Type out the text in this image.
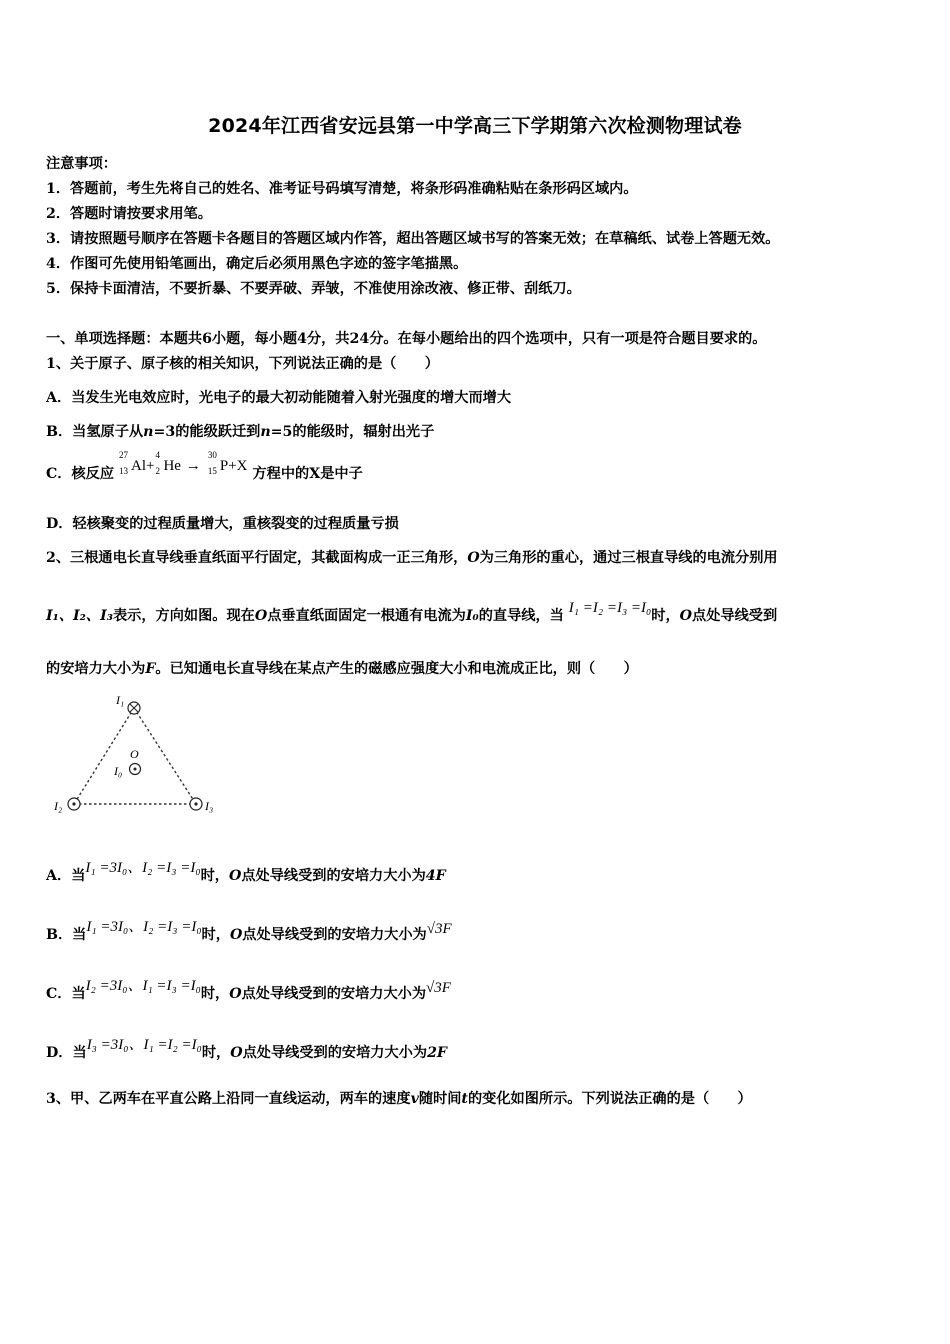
2024年江西省安远县第一中学高三下学期第六次检测物理试卷
注意事项：
1．答题前，考生先将自己的姓名、准考证号码填写清楚，将条形码准确粘贴在条形码区域内。
2．答题时请按要求用笔。
3．请按照题号顺序在答题卡各题目的答题区域内作答，超出答题区域书写的答案无效；在草稿纸、试卷上答题无效。
4．作图可先使用铅笔画出，确定后必须用黑色字迹的签字笔描黑。
5．保持卡面清洁，不要折暴、不要弄破、弄皱，不准使用涂改液、修正带、刮纸刀。
一、单项选择题：本题共6小题，每小题4分，共24分。在每小题给出的四个选项中，只有一项是符合题目要求的。
1、关于原子、原子核的相关知识，下列说法正确的是（　　）
A．当发生光电效应时，光电子的最大初动能随着入射光强度的增大而增大
B．当氢原子从n=3的能级跃迁到n=5的能级时，辐射出光子
C．核反应
27
13 Al+
4
2 He →
30
15 P+X 方程中的X是中子
D．轻核聚变的过程质量增大，重核裂变的过程质量亏损
2、三根通电长直导线垂直纸面平行固定，其截面构成一正三角形，O为三角形的重心，通过三根直导线的电流分别用
I₁、I₂、I₃表示，方向如图。现在O点垂直纸面固定一根通有电流为I₀的直导线，当 I₁ =I₂ =I₃ =I₀时，O点处导线受到
的安培力大小为F。已知通电长直导线在某点产生的磁感应强度大小和电流成正比，则（　　）
I₁
I₂	I₃
O
I₀
A．当I₁ =3I₀、I₂ =I₃ =I₀时，O点处导线受到的安培力大小为4F
B．当I₁ =3I₀、I₂ =I₃ =I₀时，O点处导线受到的安培力大小为√3F
C．当I₂ =3I₀、I₁ =I₃ =I₀时，O点处导线受到的安培力大小为√3F
D．当I₃ =3I₀、I₁ =I₂ =I₀时，O点处导线受到的安培力大小为2F
3、甲、乙两车在平直公路上沿同一直线运动，两车的速度v随时间t的变化如图所示。下列说法正确的是（　　）
